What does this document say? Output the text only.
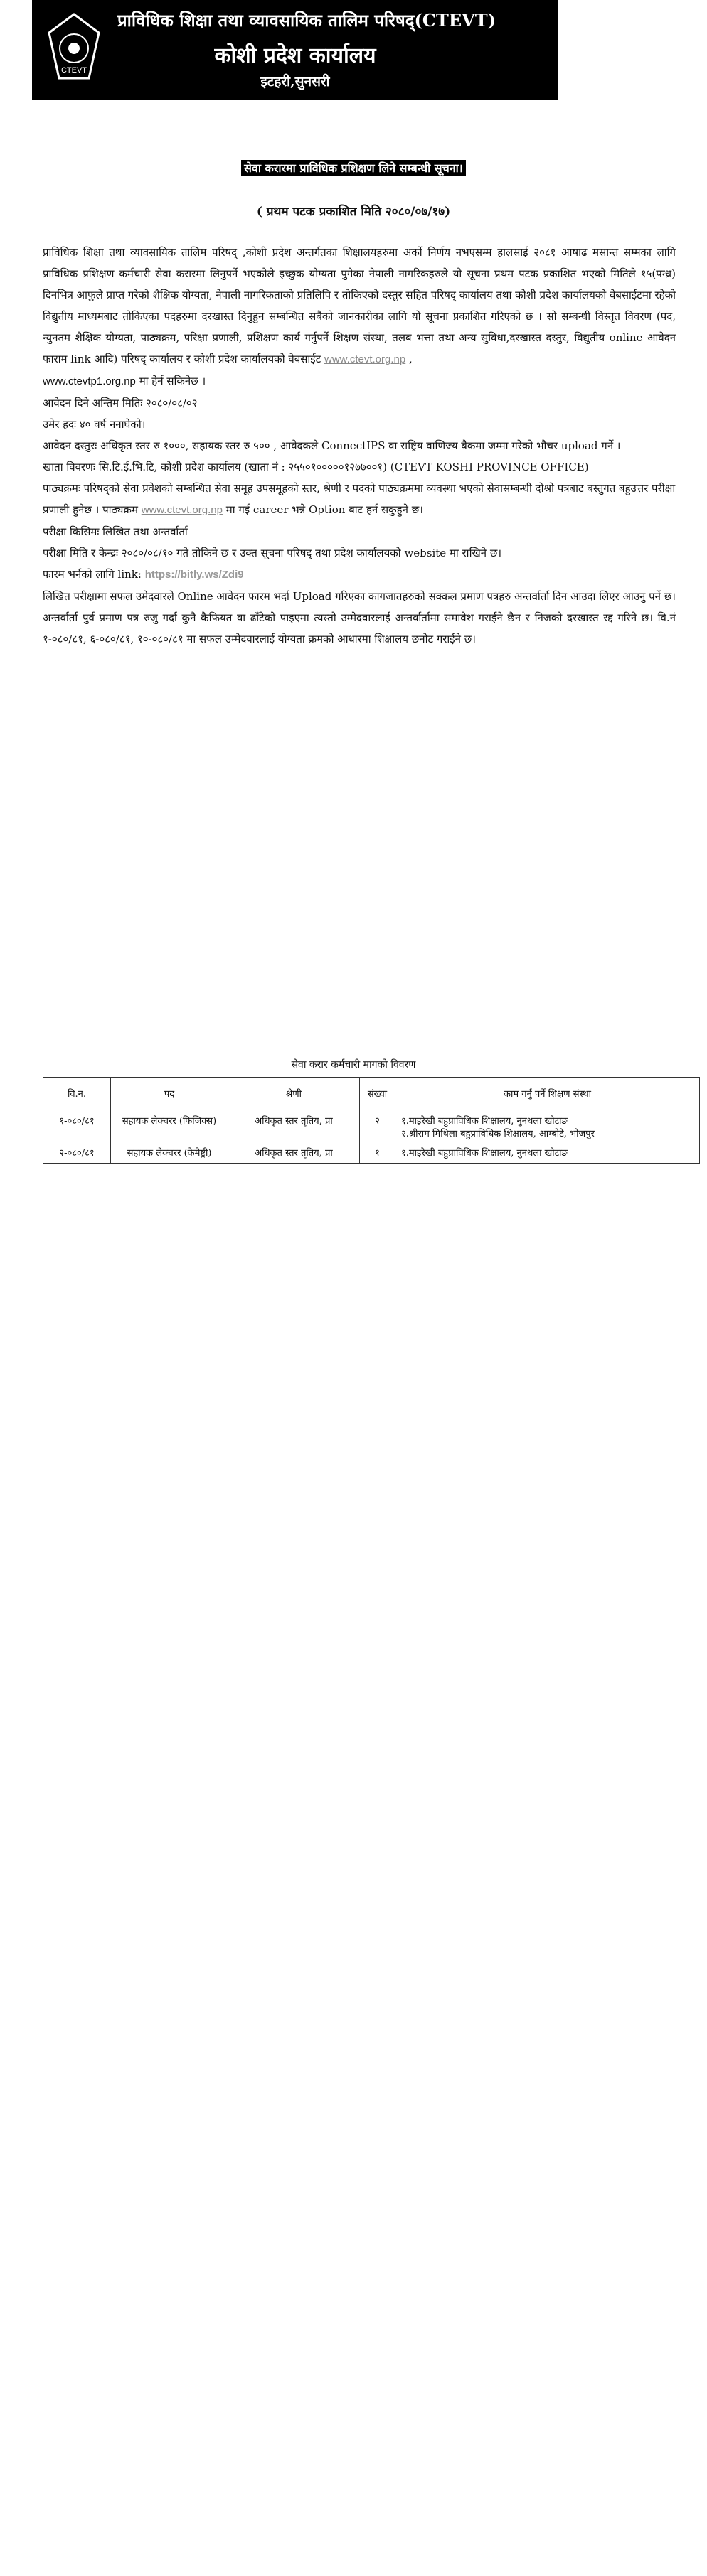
CTEVT
प्राविधिक शिक्षा तथा व्यावसायिक तालिम परिषद्(CTEVT)
कोशी प्रदेश कार्यालय
इटहरी,सुनसरी
सेवा करारमा प्राविधिक प्रशिक्षण लिने सम्बन्धी सूचना।
( प्रथम पटक प्रकाशित मिति २०८०/०७/१७)
प्राविधिक शिक्षा तथा व्यावसायिक तालिम परिषद् ,कोशी प्रदेश अन्तर्गतका शिक्षालयहरुमा अर्को निर्णय नभएसम्म हालसाई २०८१ आषाढ मसान्त सम्मका लागि प्राविधिक प्रशिक्षण कर्मचारी सेवा करारमा लिनुपर्ने भएकोले इच्छुक योग्यता पुगेका नेपाली नागरिकहरुले यो सूचना प्रथम पटक प्रकाशित भएको मितिले १५(पन्ध्र) दिनभित्र आफुले प्राप्त गरेको शैक्षिक योग्यता, नेपाली नागरिकताको प्रतिलिपि र तोकिएको दस्तुर सहित परिषद् कार्यालय तथा कोशी प्रदेश कार्यालयको वेबसाईटमा रहेको विद्युतीय माध्यमबाट तोकिएका पदहरुमा दरखास्त दिनुहुन सम्बन्धित सबैको जानकारीका लागि यो सूचना प्रकाशित गरिएको छ । सो सम्बन्धी विस्तृत विवरण (पद, न्युनतम शैक्षिक योग्यता, पाठ्यक्रम, परिक्षा प्रणाली, प्रशिक्षण कार्य गर्नुपर्ने शिक्षण संस्था, तलब भत्ता तथा अन्य सुविधा,दरखास्त दस्तुर, विद्युतीय online आवेदन फाराम link आदि) परिषद् कार्यालय र कोशी प्रदेश कार्यालयको वेबसाईट www.ctevt.org.np ,
www.ctevtp1.org.np मा हेर्न सकिनेछ ।
आवेदन दिने अन्तिम मितिः २०८०/०८/०२
उमेर हदः ४० वर्ष ननाघेको।
आवेदन दस्तुरः अधिकृत स्तर रु १०००, सहायक स्तर रु ५०० , आवेदकले ConnectIPS वा राष्ट्रिय वाणिज्य बैकमा जम्मा गरेको भौचर upload गर्ने ।
खाता विवरणः सि.टि.ई.भि.टि, कोशी प्रदेश कार्यालय (खाता नं : २५५०१०००००१२७७००१) (CTEVT KOSHI PROVINCE OFFICE)
पाठ्यक्रमः परिषद्को सेवा प्रवेशको सम्बन्धित सेवा समूह उपसमूहको स्तर, श्रेणी र पदको पाठ्यक्रममा व्यवस्था भएको सेवासम्बन्धी दोश्रो पत्रबाट बस्तुगत बहुउत्तर परीक्षा प्रणाली हुनेछ । पाठ्यक्रम www.ctevt.org.np मा गई career भन्ने Option बाट हर्न सकुहुने छ।
परीक्षा किसिमः लिखित तथा अन्तर्वार्ता
परीक्षा मिति र केन्द्रः २०८०/०८/१० गते तोकिने छ र उक्त सूचना परिषद् तथा प्रदेश कार्यालयको website मा राखिने छ।
फारम भर्नको लागि link: https://bitly.ws/Zdi9
लिखित परीक्षामा सफल उमेदवारले Online आवेदन फारम भर्दा Upload गरिएका कागजातहरुको सक्कल प्रमाण पत्रहरु अन्तर्वार्ता दिन आउदा लिएर आउनु पर्ने छ। अन्तर्वार्ता पुर्व प्रमाण पत्र रुजु गर्दा कुनै कैफियत वा ढाँटेको पाइएमा त्यस्तो उम्मेदवारलाई अन्तर्वार्तामा समावेश गराईने छैन र निजको दरखास्त रद्द गरिने छ। वि.नं १-०८०/८१, ६-०८०/८१, १०-०८०/८१ मा सफल उम्मेदवारलाई योग्यता क्रमको आधारमा शिक्षालय छनोट गराईने छ।
सेवा करार कर्मचारी मागको विवरण
वि.न.	पद	श्रेणी	संख्या	काम गर्नु पर्ने शिक्षण संस्था
१-०८०/८१	सहायक लेक्चरर (फिजिक्स)	अधिकृत स्तर तृतिय, प्रा	२	१.माइरेखी बहुप्राविधिक शिक्षालय, नुनथला खोटाङ
२.श्रीराम मिथिला बहुप्राविधिक शिक्षालय, आम्बोटे, भोजपुर

२-०८०/८१	सहायक लेक्चरर (केमेष्ट्री)	अधिकृत स्तर तृतिय, प्रा	१	१.माइरेखी बहुप्राविधिक शिक्षालय, नुनथला खोटाङ
